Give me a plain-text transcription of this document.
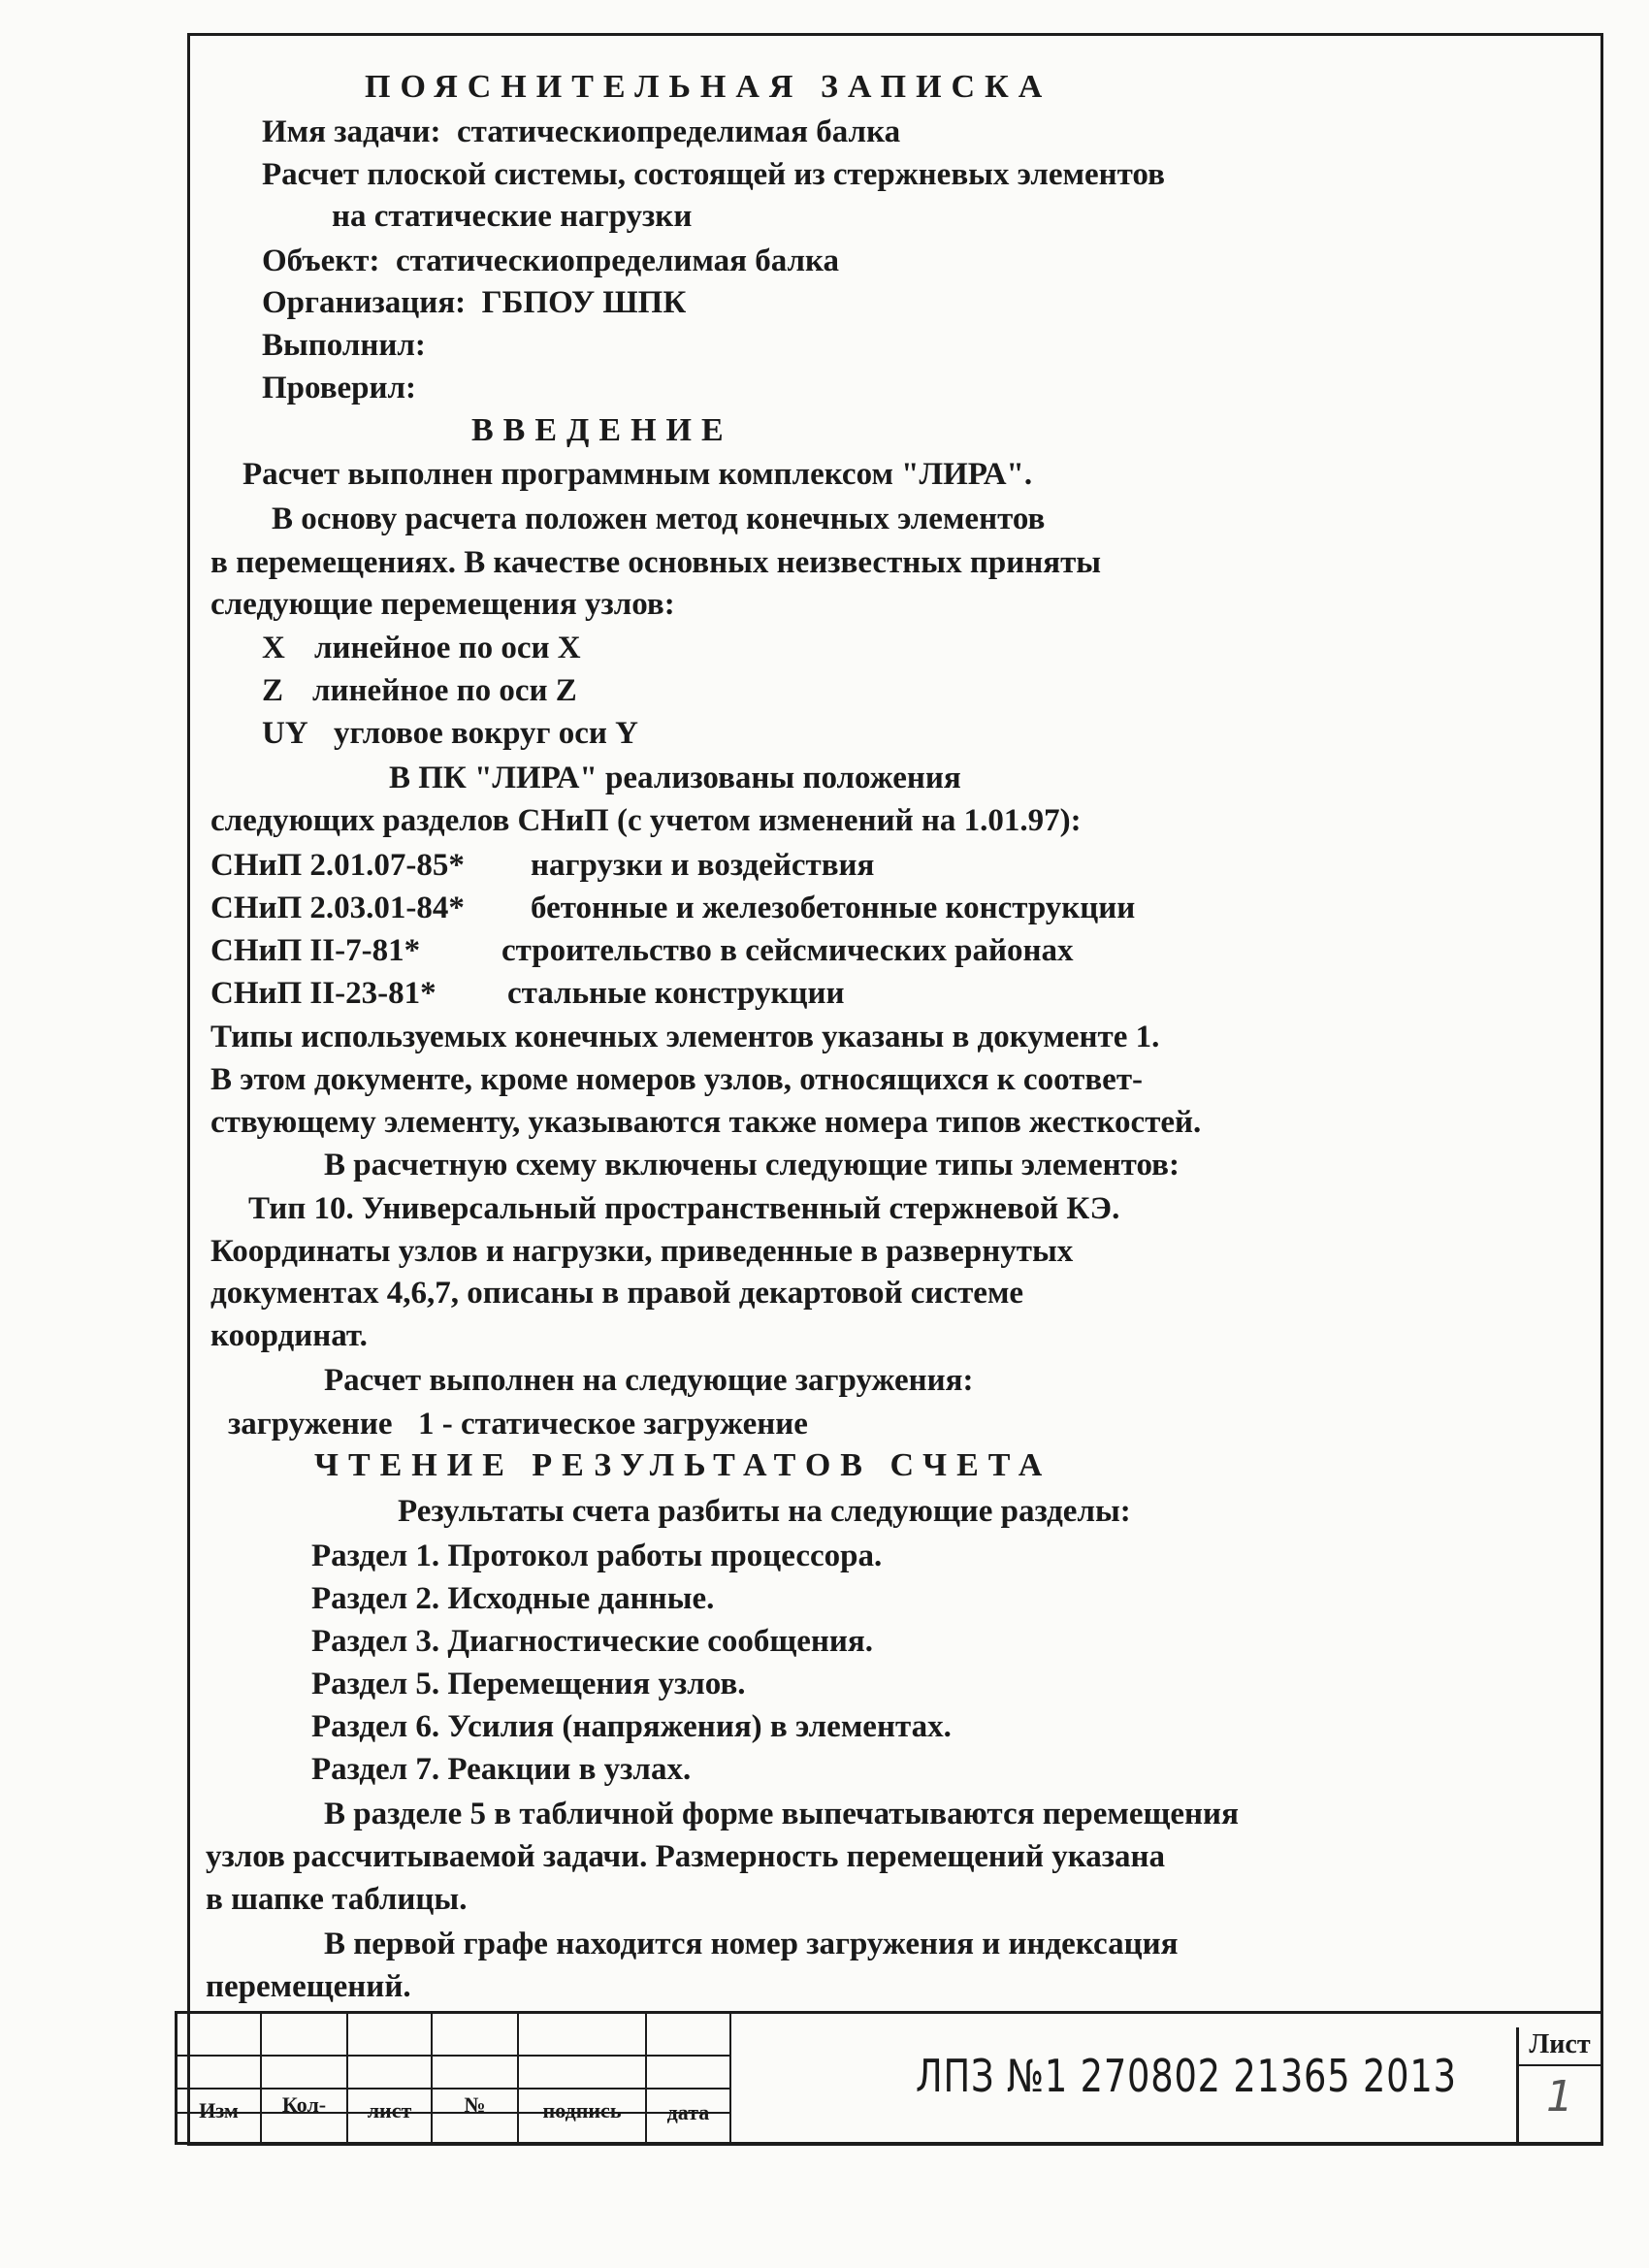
ПОЯСНИТЕЛЬНАЯ ЗАПИСКА
Имя задачи: статическиопределимая балка
Расчет плоской системы, состоящей из стержневых элементов
на статические нагрузки
Объект: статическиопределимая балка
Организация: ГБПОУ ШПК
Выполнил:
Проверил:
ВВЕДЕНИЕ
Расчет выполнен программным комплексом "ЛИРА".
В основу расчета положен метод конечных элементов
в перемещениях. В качестве основных неизвестных приняты
следующие перемещения узлов:
X линейное по оси X
Z линейное по оси Z
UY угловое вокруг оси Y
В ПК "ЛИРА" реализованы положения
следующих разделов СНиП (с учетом изменений на 1.01.97):
СНиП 2.01.07-85* нагрузки и воздействия
СНиП 2.03.01-84* бетонные и железобетонные конструкции
СНиП II-7-81*	строительство в сейсмических районах
СНиП II-23-81* стальные конструкции
Типы используемых конечных элементов указаны в документе 1.
В этом документе, кроме номеров узлов, относящихся к соответ-
ствующему элементу, указываются также номера типов жесткостей.
В расчетную схему включены следующие типы элементов:
Тип 10. Универсальный пространственный стержневой КЭ.
Координаты узлов и нагрузки, приведенные в развернутых
документах 4,6,7, описаны в правой декартовой системе
координат.
Расчет выполнен на следующие загружения:
загружение 1 - статическое загружение
ЧТЕНИЕ РЕЗУЛЬТАТОВ СЧЕТА
Результаты счета разбиты на следующие разделы:
Раздел 1. Протокол работы процессора.
Раздел 2. Исходные данные.
Раздел 3. Диагностические сообщения.
Раздел 5. Перемещения узлов.
Раздел 6. Усилия (напряжения) в элементах.
Раздел 7. Реакции в узлах.
В разделе 5 в табличной форме выпечатываются перемещения
узлов рассчитываемой задачи. Размерность перемещений указана
в шапке таблицы.
В первой графе находится номер загружения и индексация
перемещений.
Изм	Кол-	лист	№	подпись	дата
ЛПЗ №1 270802 21365 2013
Лист
1
